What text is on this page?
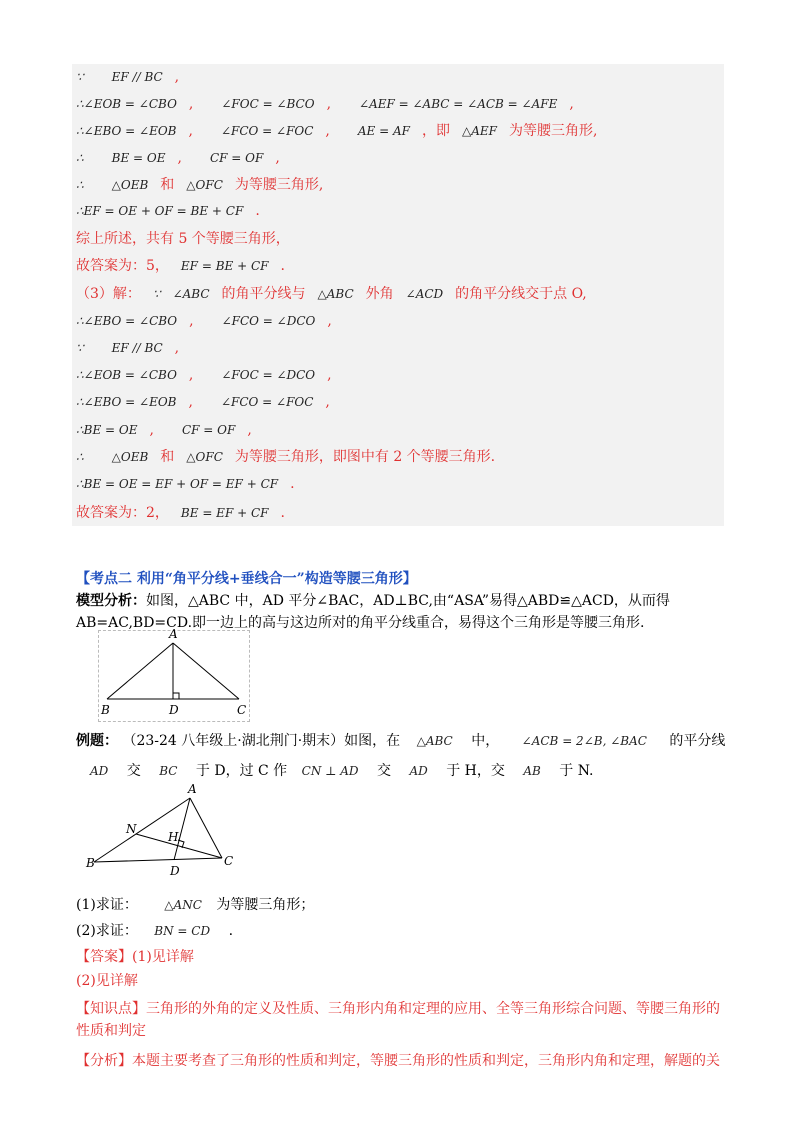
∵ EF // BC ,
∴∠EOB = ∠CBO , ∠FOC = ∠BCO , ∠AEF = ∠ABC = ∠ACB = ∠AFE ,
∴∠EBO = ∠EOB , ∠FCO = ∠FOC , AE = AF ，即 △AEF 为等腰三角形,
∴ BE = OE , CF = OF ,
∴ △OEB 和 △OFC 为等腰三角形,
∴EF = OE + OF = BE + CF .
综上所述，共有 5 个等腰三角形，
故答案为：5， EF = BE + CF .
（3）解： ∵ ∠ABC 的角平分线与 △ABC 外角 ∠ACD 的角平分线交于点 O,
∴∠EBO = ∠CBO , ∠FCO = ∠DCO ,
∵ EF // BC ,
∴∠EOB = ∠CBO , ∠FOC = ∠DCO ,
∴∠EBO = ∠EOB , ∠FCO = ∠FOC ,
∴BE = OE , CF = OF ,
∴ △OEB 和 △OFC 为等腰三角形，即图中有 2 个等腰三角形.
∴BE = OE = EF + OF = EF + CF .
故答案为：2， BE = EF + CF .
【考点二 利用“角平分线+垂线合一”构造等腰三角形】
模型分析：如图，△ABC 中，AD 平分∠BAC，AD⊥BC,由“ASA”易得△ABD≌△ACD，从而得 AB=AC,BD=CD.即一边上的高与这边所对的角平分线重合，易得这个三角形是等腰三角形.
A
B	D	C
例题： （23-24 八年级上·湖北荆门·期末）如图，在 △ABC 中， ∠ACB = 2∠B, ∠BAC 的平分线
AD 交 BC 于 D，过 C 作 CN ⊥ AD 交 AD 于 H，交 AB 于 N.
A
N
H
B
D
C
(1)求证： △ANC 为等腰三角形；
(2)求证： BN = CD .
【答案】(1)见详解
(2)见详解
【知识点】三角形的外角的定义及性质、三角形内角和定理的应用、全等三角形综合问题、等腰三角形的性质和判定
【分析】本题主要考查了三角形的性质和判定，等腰三角形的性质和判定，三角形内角和定理，解题的关
